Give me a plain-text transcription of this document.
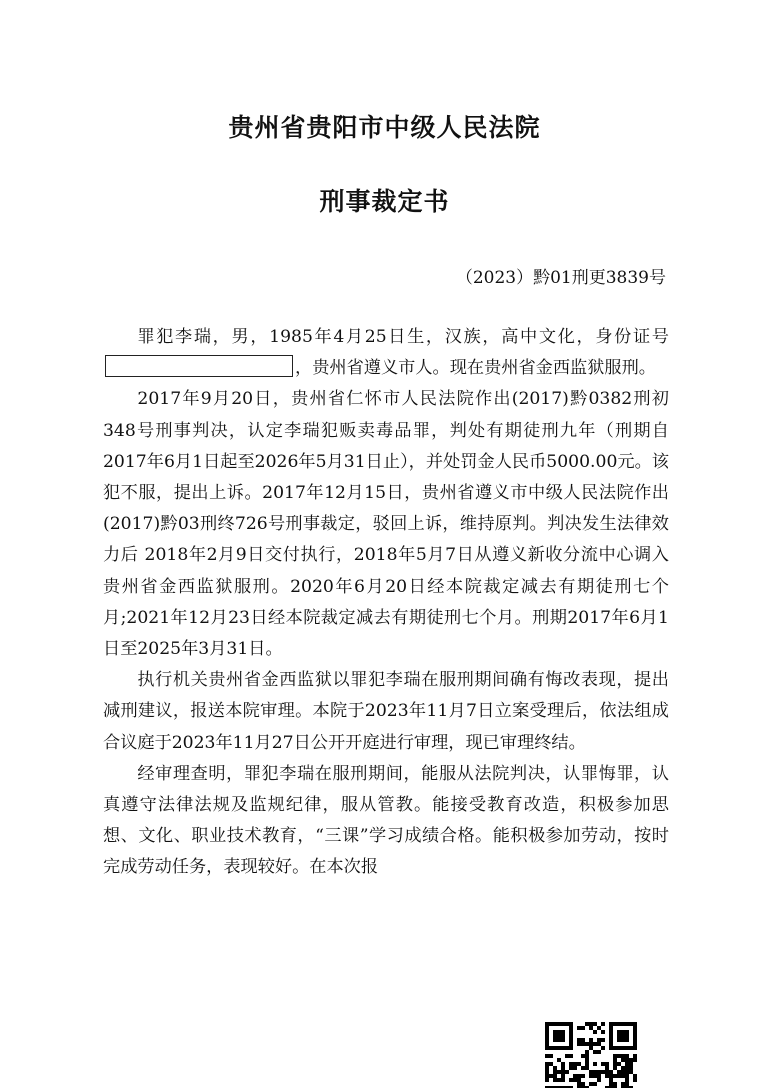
贵州省贵阳市中级人民法院
刑事裁定书
（2023）黔01刑更3839号

罪犯李瑞，男，1985年4月25日生，汉族，高中文化，身份证号，贵州省遵义市人。现在贵州省金西监狱服刑。

2017年9月20日，贵州省仁怀市人民法院作出(2017)黔0382刑初348号刑事判决，认定李瑞犯贩卖毒品罪，判处有期徒刑九年（刑期自2017年6月1日起至2026年5月31日止），并处罚金人民币5000.00元。该犯不服，提出上诉。2017年12月15日，贵州省遵义市中级人民法院作出(2017)黔03刑终726号刑事裁定，驳回上诉，维持原判。判决发生法律效力后 2018年2月9日交付执行，2018年5月7日从遵义新收分流中心调入贵州省金西监狱服刑。2020年6月20日经本院裁定减去有期徒刑七个月;2021年12月23日经本院裁定减去有期徒刑七个月。刑期2017年6月1日至2025年3月31日。

执行机关贵州省金西监狱以罪犯李瑞在服刑期间确有悔改表现，提出减刑建议，报送本院审理。本院于2023年11月7日立案受理后，依法组成合议庭于2023年11月27日公开开庭进行审理，现已审理终结。

经审理查明，罪犯李瑞在服刑期间，能服从法院判决，认罪悔罪，认真遵守法律法规及监规纪律，服从管教。能接受教育改造，积极参加思想、文化、职业技术教育，“三课”学习成绩合格。能积极参加劳动，按时完成劳动任务，表现较好。在本次报
